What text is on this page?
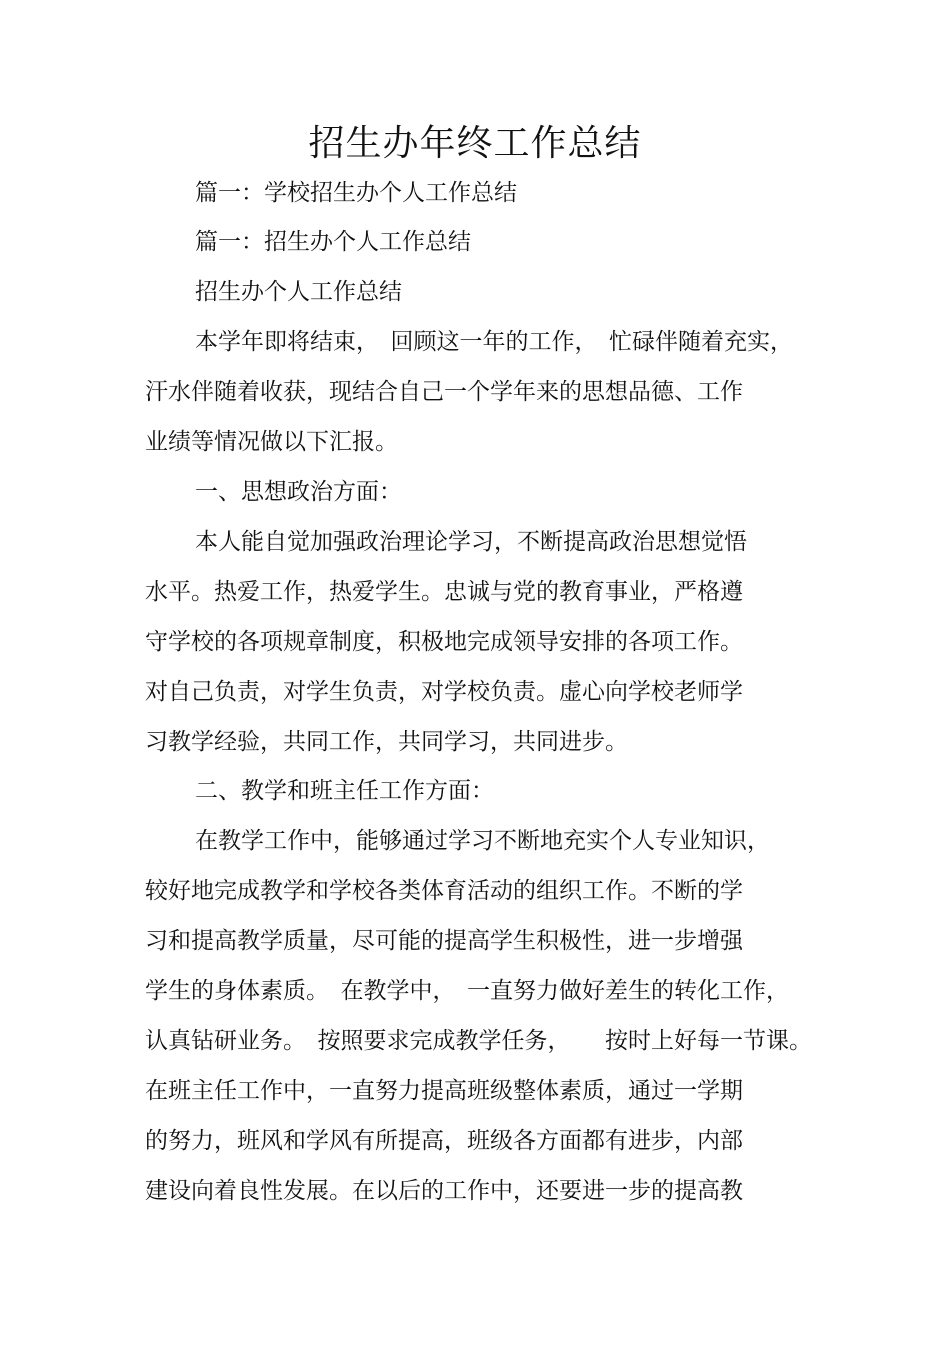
招生办年终工作总结
篇一：学校招生办个人工作总结
篇一：招生办个人工作总结
招生办个人工作总结
本学年即将结束，　回顾这一年的工作，　忙碌伴随着充实，
汗水伴随着收获，现结合自己一个学年来的思想品德、工作
业绩等情况做以下汇报。
一、思想政治方面：
本人能自觉加强政治理论学习，不断提高政治思想觉悟
水平。热爱工作，热爱学生。忠诚与党的教育事业，严格遵
守学校的各项规章制度，积极地完成领导安排的各项工作。
对自己负责，对学生负责，对学校负责。虚心向学校老师学
习教学经验，共同工作，共同学习，共同进步。
二、教学和班主任工作方面：
在教学工作中，能够通过学习不断地充实个人专业知识，
较好地完成教学和学校各类体育活动的组织工作。不断的学
习和提高教学质量，尽可能的提高学生积极性，进一步增强
学生的身体素质。　在教学中，　一直努力做好差生的转化工作，
认真钻研业务。　按照要求完成教学任务，　　按时上好每一节课。
在班主任工作中，一直努力提高班级整体素质，通过一学期
的努力，班风和学风有所提高，班级各方面都有进步，内部
建设向着良性发展。在以后的工作中，还要进一步的提高教
